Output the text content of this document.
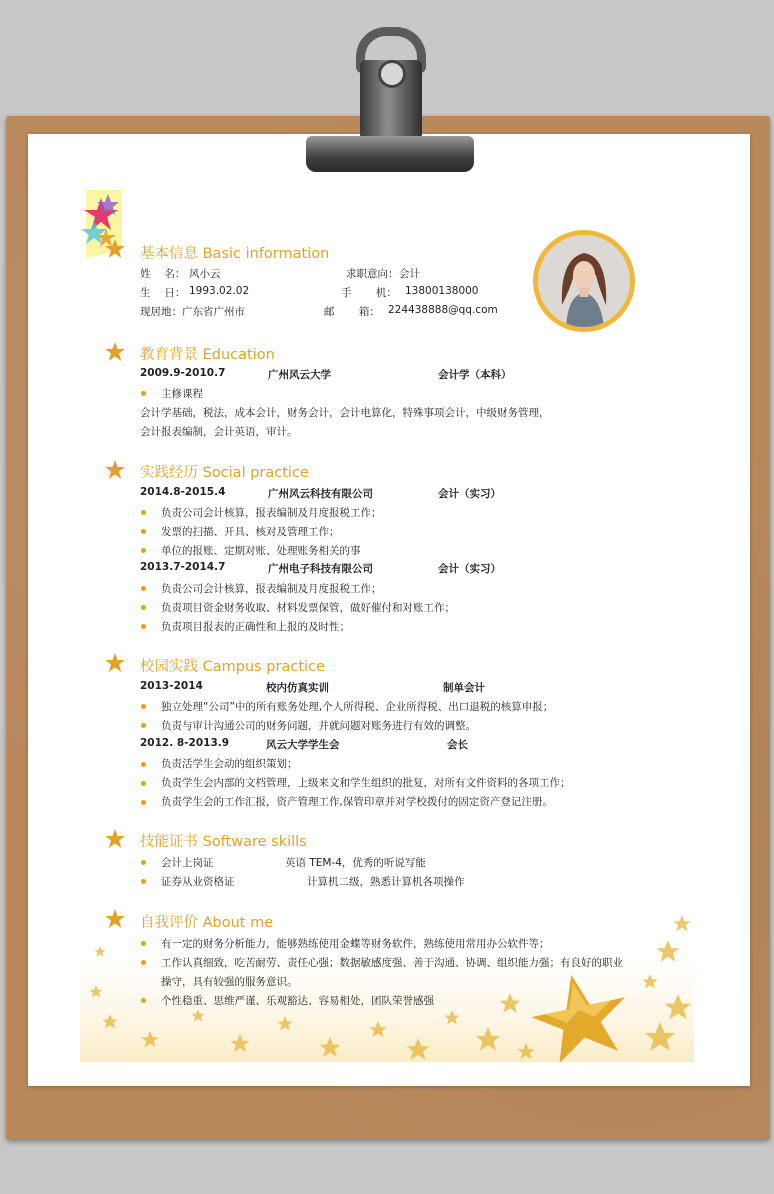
基本信息 Basic information
姓　 名： 风小云	求职意向： 会计
生　 日： 1993.02.02	手　　 机： 13800138000
现居地： 广东省广州市	邮　　 箱： 224438888@qq.com
教育背景 Education
2009.9-2010.7	广州风云大学	会计学（本科）
主修课程
会计学基础，税法，成本会计，财务会计，会计电算化，特殊事项会计，中级财务管理，
会计报表编制，会计英语，审计。
实践经历 Social practice
2014.8-2015.4	广州风云科技有限公司	会计（实习）
负责公司会计核算，报表编制及月度报税工作；
发票的扫描、开具、核对及管理工作；
单位的报账、定期对账、处理账务相关的事
2013.7-2014.7	广州电子科技有限公司	会计（实习）
负责公司会计核算，报表编制及月度报税工作；
负责项目资金财务收取、材料发票保管，做好催付和对账工作；
负责项目报表的正确性和上报的及时性；
校园实践 Campus practice
2013-2014	校内仿真实训	制单会计
独立处理“公司”中的所有账务处理,个人所得税、企业所得税、出口退税的核算申报；
负责与审计沟通公司的财务问题，并就问题对账务进行有效的调整。
2012. 8-2013.9	风云大学学生会	会长
负责活学生会动的组织策划；
负责学生会内部的文档管理，上级来文和学生组织的批复，对所有文件资料的各项工作；
负责学生会的工作汇报，资产管理工作,保管印章并对学校拨付的固定资产登记注册。
技能证书 Software skills
会计上岗证	英语 TEM-4，优秀的听说写能
证券从业资格证	计算机二级，熟悉计算机各项操作
自我评价 About me
有一定的财务分析能力，能够熟练使用金蝶等财务软件，熟练使用常用办公软件等；
工作认真细致，吃苦耐劳、责任心强；数据敏感度强、善于沟通、协调、组织能力强；有良好的职业
操守，具有较强的服务意识。
个性稳重、思维严谨、乐观豁达、容易相处，团队荣誉感强
